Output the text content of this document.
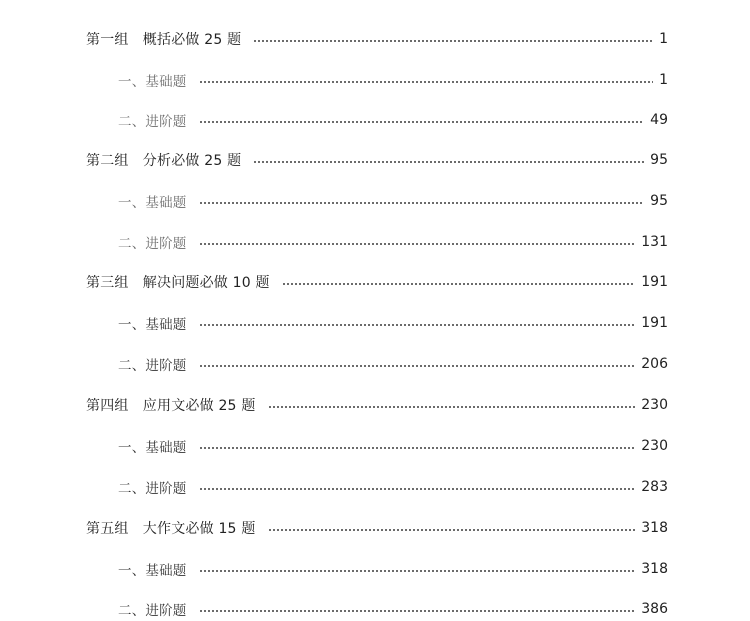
第一组　概括必做 25 题	1
一、基础题	1
二、进阶题	49
第二组　分析必做 25 题	95
一、基础题	95
二、进阶题	131
第三组　解决问题必做 10 题	191
一、基础题	191
二、进阶题	206
第四组　应用文必做 25 题	230
一、基础题	230
二、进阶题	283
第五组　大作文必做 15 题	318
一、基础题	318
二、进阶题	386
